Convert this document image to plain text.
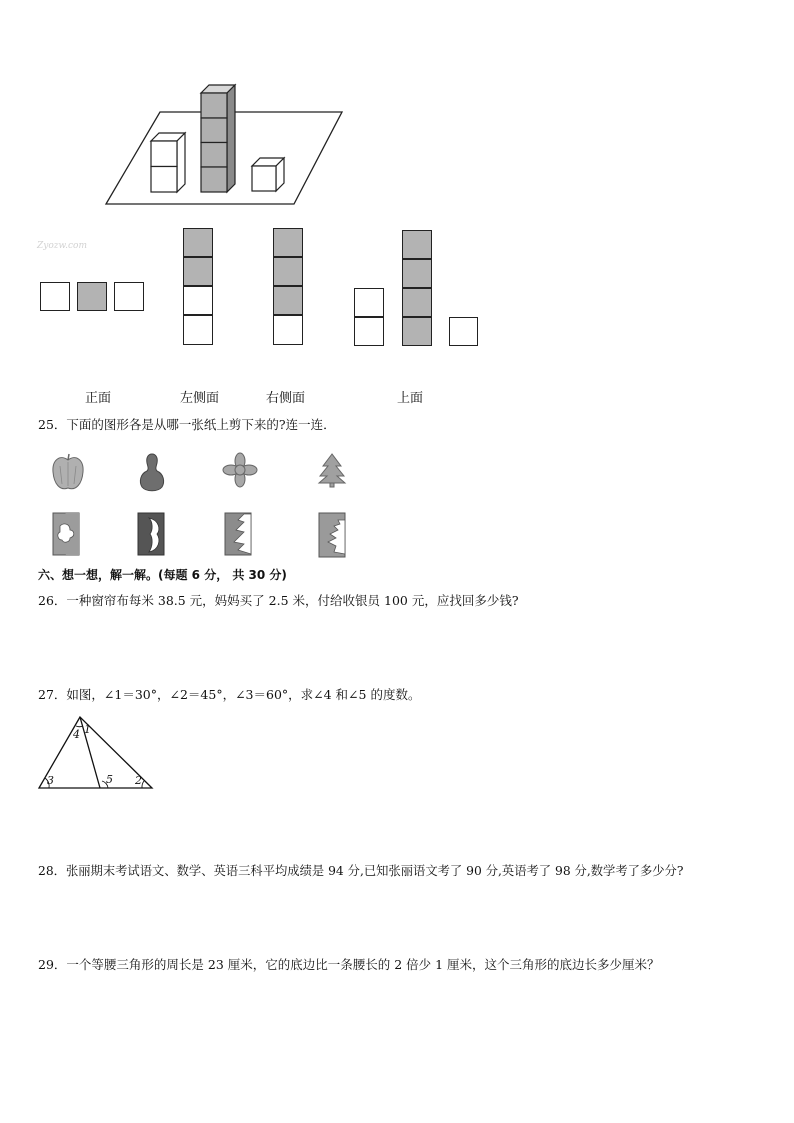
Zyozw.com
正面	左侧面	右侧面	上面
25．下面的图形各是从哪一张纸上剪下来的?连一连．
六、想一想，解一解。(每题 6 分， 共 30 分)
26．一种窗帘布每米 38.5 元，妈妈买了 2.5 米，付给收银员 100 元，应找回多少钱?
27．如图，∠1＝30°，∠2＝45°，∠3＝60°，求∠4 和∠5 的度数。
4 1
3	5 2
28．张丽期末考试语文、数学、英语三科平均成绩是 94 分,已知张丽语文考了 90 分,英语考了 98 分,数学考了多少分?
29．一个等腰三角形的周长是 23 厘米，它的底边比一条腰长的 2 倍少 1 厘米，这个三角形的底边长多少厘米？
